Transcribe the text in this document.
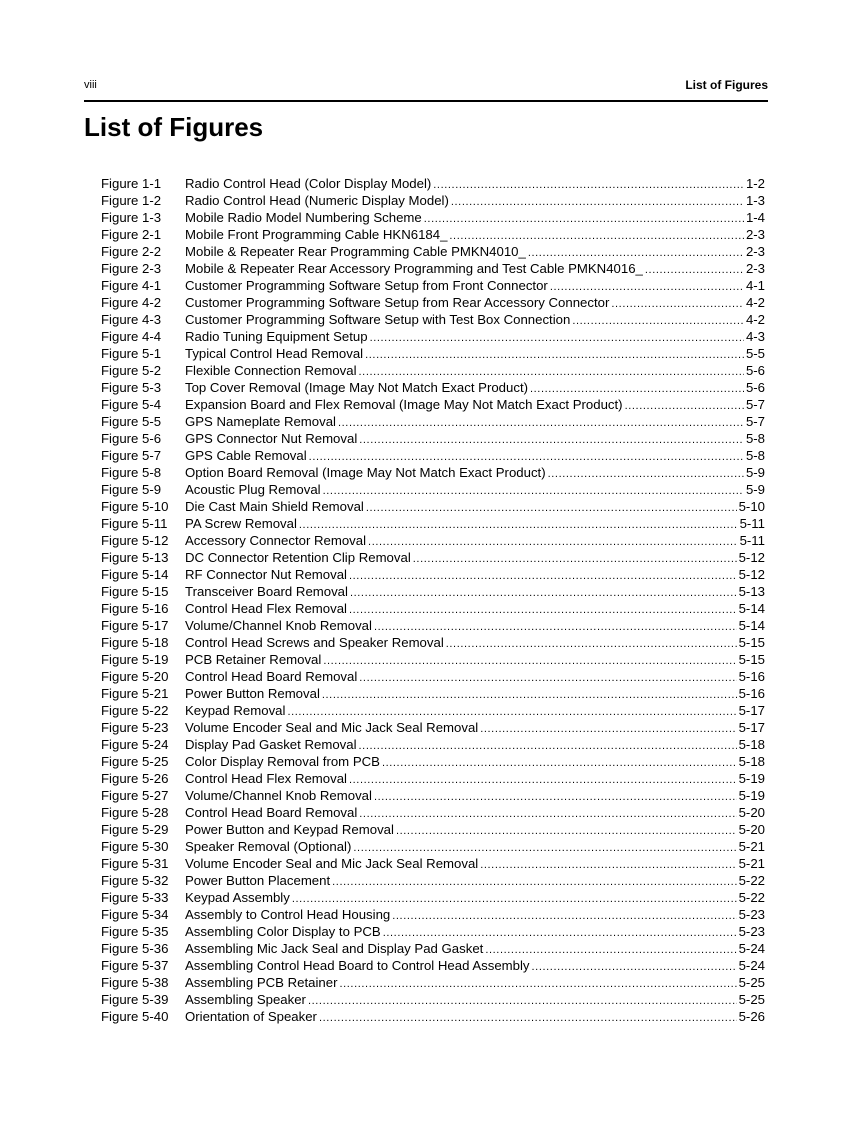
viii	List of Figures
List of Figures
Figure 1-1	Radio Control Head (Color Display Model) .....	1-2
Figure 1-2	Radio Control Head (Numeric Display Model) .....	1-3
Figure 1-3	Mobile Radio Model Numbering Scheme .....	1-4
Figure 2-1	Mobile Front Programming Cable HKN6184_ .....	2-3
Figure 2-2	Mobile & Repeater Rear Programming Cable PMKN4010_ .....	2-3
Figure 2-3	Mobile & Repeater Rear Accessory Programming and Test Cable PMKN4016_ .....	2-3
Figure 4-1	Customer Programming Software Setup from Front Connector .....	4-1
Figure 4-2	Customer Programming Software Setup from Rear Accessory Connector .....	4-2
Figure 4-3	Customer Programming Software Setup with Test Box Connection .....	4-2
Figure 4-4	Radio Tuning Equipment Setup .....	4-3
Figure 5-1	Typical Control Head Removal .....	5-5
Figure 5-2	Flexible Connection Removal .....	5-6
Figure 5-3	Top Cover Removal (Image May Not Match Exact Product) .....	5-6
Figure 5-4	Expansion Board and Flex Removal (Image May Not Match Exact Product) .....	5-7
Figure 5-5	GPS Nameplate Removal .....	5-7
Figure 5-6	GPS Connector Nut Removal .....	5-8
Figure 5-7	GPS Cable Removal .....	5-8
Figure 5-8	Option Board Removal (Image May Not Match Exact Product) .....	5-9
Figure 5-9	Acoustic Plug Removal .....	5-9
Figure 5-10	Die Cast Main Shield Removal .....	5-10
Figure 5-11	PA Screw Removal .....	5-11
Figure 5-12	Accessory Connector Removal .....	5-11
Figure 5-13	DC Connector Retention Clip Removal .....	5-12
Figure 5-14	RF Connector Nut Removal .....	5-12
Figure 5-15	Transceiver Board Removal .....	5-13
Figure 5-16	Control Head Flex Removal .....	5-14
Figure 5-17	Volume/Channel Knob Removal .....	5-14
Figure 5-18	Control Head Screws and Speaker Removal .....	5-15
Figure 5-19	PCB Retainer Removal .....	5-15
Figure 5-20	Control Head Board Removal .....	5-16
Figure 5-21	Power Button Removal .....	5-16
Figure 5-22	Keypad Removal .....	5-17
Figure 5-23	Volume Encoder Seal and Mic Jack Seal Removal .....	5-17
Figure 5-24	Display Pad Gasket Removal .....	5-18
Figure 5-25	Color Display Removal from PCB .....	5-18
Figure 5-26	Control Head Flex Removal .....	5-19
Figure 5-27	Volume/Channel Knob Removal .....	5-19
Figure 5-28	Control Head Board Removal .....	5-20
Figure 5-29	Power Button and Keypad Removal .....	5-20
Figure 5-30	Speaker Removal (Optional) .....	5-21
Figure 5-31	Volume Encoder Seal and Mic Jack Seal Removal .....	5-21
Figure 5-32	Power Button Placement .....	5-22
Figure 5-33	Keypad Assembly .....	5-22
Figure 5-34	Assembly to Control Head Housing .....	5-23
Figure 5-35	Assembling Color Display to PCB .....	5-23
Figure 5-36	Assembling Mic Jack Seal and Display Pad Gasket .....	5-24
Figure 5-37	Assembling Control Head Board to Control Head Assembly .....	5-24
Figure 5-38	Assembling PCB Retainer .....	5-25
Figure 5-39	Assembling Speaker .....	5-25
Figure 5-40	Orientation of Speaker .....	5-26
